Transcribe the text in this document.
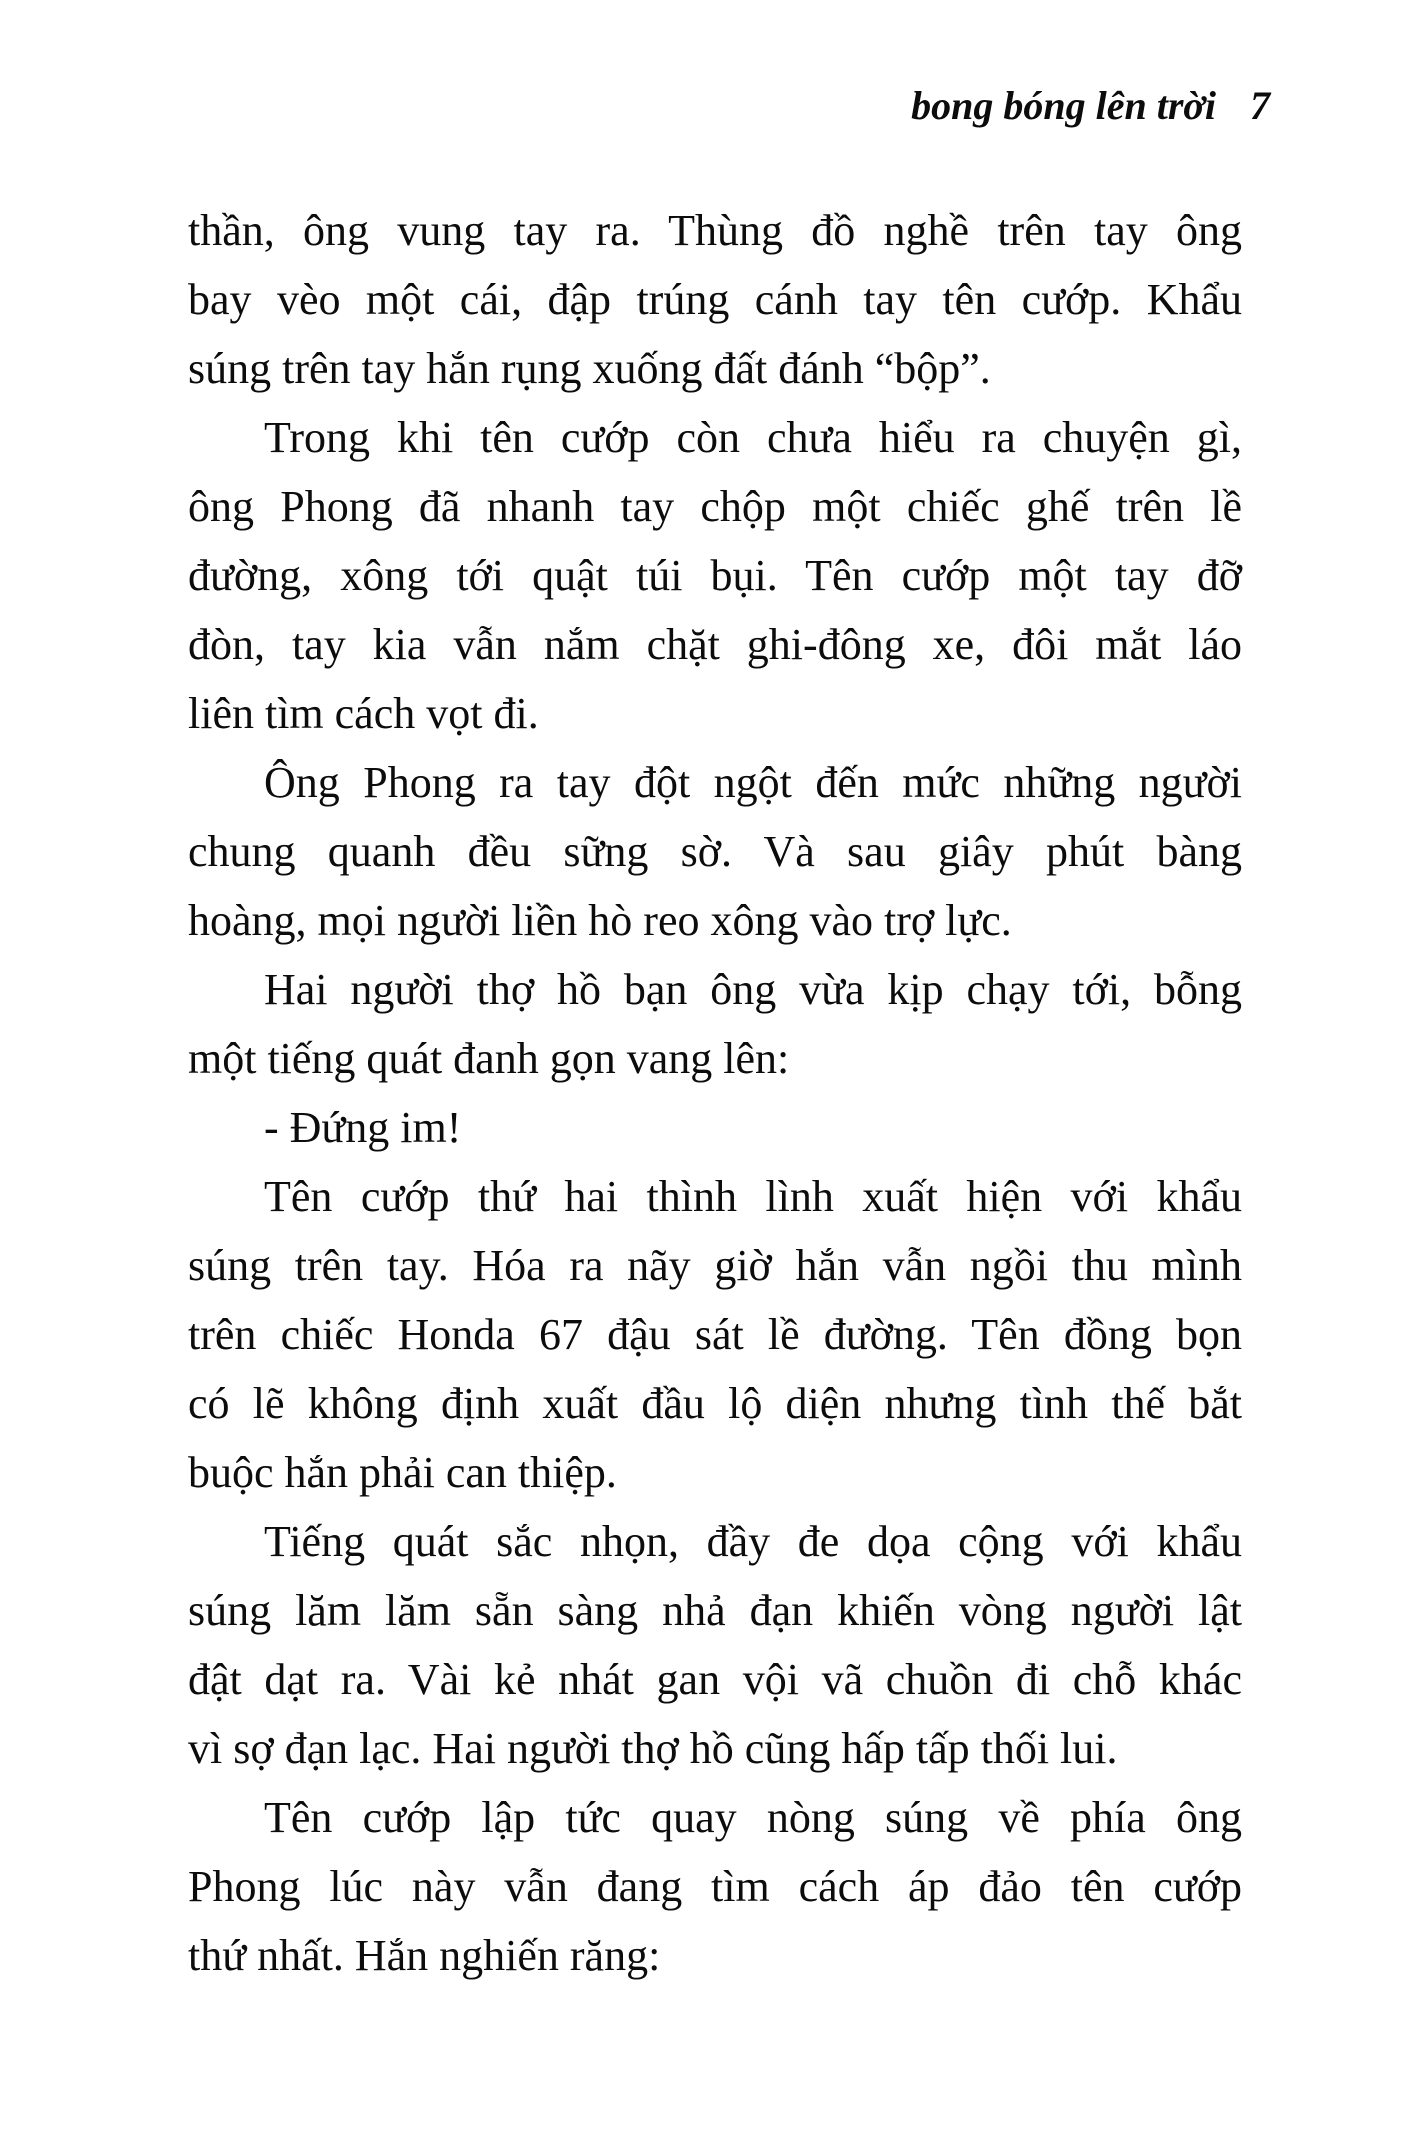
bong bóng lên trời 7
thần, ông vung tay ra. Thùng đồ nghề trên tay ông
bay vèo một cái, đập trúng cánh tay tên cướp. Khẩu
súng trên tay hắn rụng xuống đất đánh “bộp”.
Trong khi tên cướp còn chưa hiểu ra chuyện gì,
ông Phong đã nhanh tay chộp một chiếc ghế trên lề
đường, xông tới quật túi bụi. Tên cướp một tay đỡ
đòn, tay kia vẫn nắm chặt ghi-đông xe, đôi mắt láo
liên tìm cách vọt đi.
Ông Phong ra tay đột ngột đến mức những người
chung quanh đều sững sờ. Và sau giây phút bàng
hoàng, mọi người liền hò reo xông vào trợ lực.
Hai người thợ hồ bạn ông vừa kịp chạy tới, bỗng
một tiếng quát đanh gọn vang lên:
- Đứng im!
Tên cướp thứ hai thình lình xuất hiện với khẩu
súng trên tay. Hóa ra nãy giờ hắn vẫn ngồi thu mình
trên chiếc Honda 67 đậu sát lề đường. Tên đồng bọn
có lẽ không định xuất đầu lộ diện nhưng tình thế bắt
buộc hắn phải can thiệp.
Tiếng quát sắc nhọn, đầy đe dọa cộng với khẩu
súng lăm lăm sẵn sàng nhả đạn khiến vòng người lật
đật dạt ra. Vài kẻ nhát gan vội vã chuồn đi chỗ khác
vì sợ đạn lạc. Hai người thợ hồ cũng hấp tấp thối lui.
Tên cướp lập tức quay nòng súng về phía ông
Phong lúc này vẫn đang tìm cách áp đảo tên cướp
thứ nhất. Hắn nghiến răng:
